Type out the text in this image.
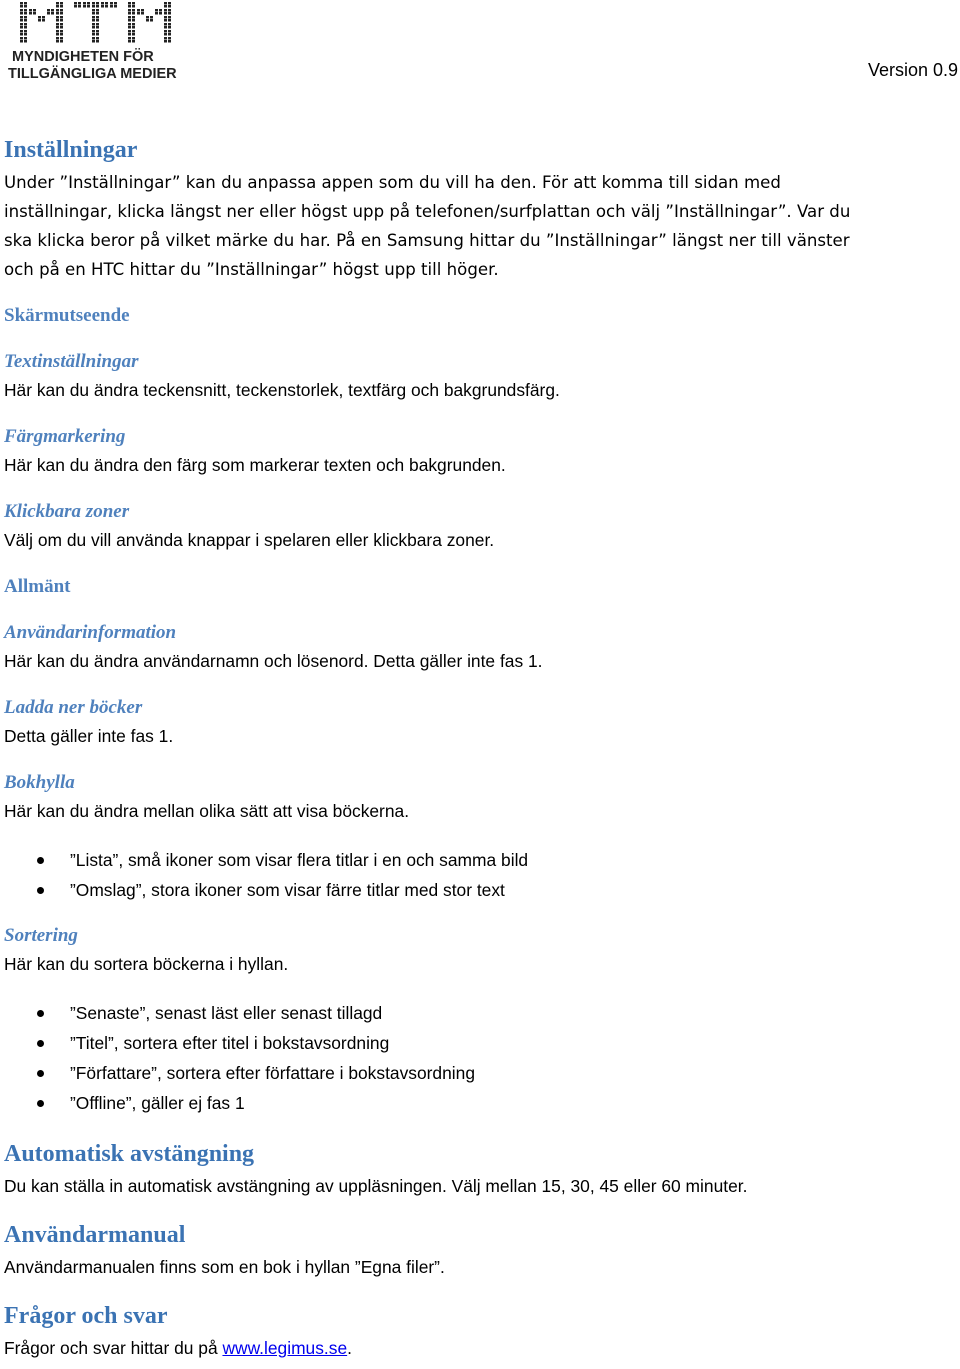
MYNDIGHETEN FÖR
TILLGÄNGLIGA MEDIER	Version 0.9
Inställningar

Under ”Inställningar” kan du anpassa appen som du vill ha den. För att komma till sidan med inställningar, klicka längst ner eller högst upp på telefonen/surfplattan och välj ”Inställningar”. Var du ska klicka beror på vilket märke du har. På en Samsung hittar du ”Inställningar” längst ner till vänster och på en HTC hittar du ”Inställningar” högst upp till höger.

Skärmutseende
Textinställningar

Här kan du ändra teckensnitt, teckenstorlek, textfärg och bakgrundsfärg.

Färgmarkering

Här kan du ändra den färg som markerar texten och bakgrunden.

Klickbara zoner

Välj om du vill använda knappar i spelaren eller klickbara zoner.

Allmänt
Användarinformation

Här kan du ändra användarnamn och lösenord. Detta gäller inte fas 1.

Ladda ner böcker

Detta gäller inte fas 1.

Bokhylla

Här kan du ändra mellan olika sätt att visa böckerna.

”Lista”, små ikoner som visar flera titlar i en och samma bild
”Omslag”, stora ikoner som visar färre titlar med stor text
Sortering

Här kan du sortera böckerna i hyllan.

”Senaste”, senast läst eller senast tillagd
”Titel”, sortera efter titel i bokstavsordning
”Författare”, sortera efter författare i bokstavsordning
”Offline”, gäller ej fas 1
Automatisk avstängning

Du kan ställa in automatisk avstängning av uppläsningen. Välj mellan 15, 30, 45 eller 60 minuter.

Användarmanual

Användarmanualen finns som en bok i hyllan ”Egna filer”.

Frågor och svar

Frågor och svar hittar du på www.legimus.se.
